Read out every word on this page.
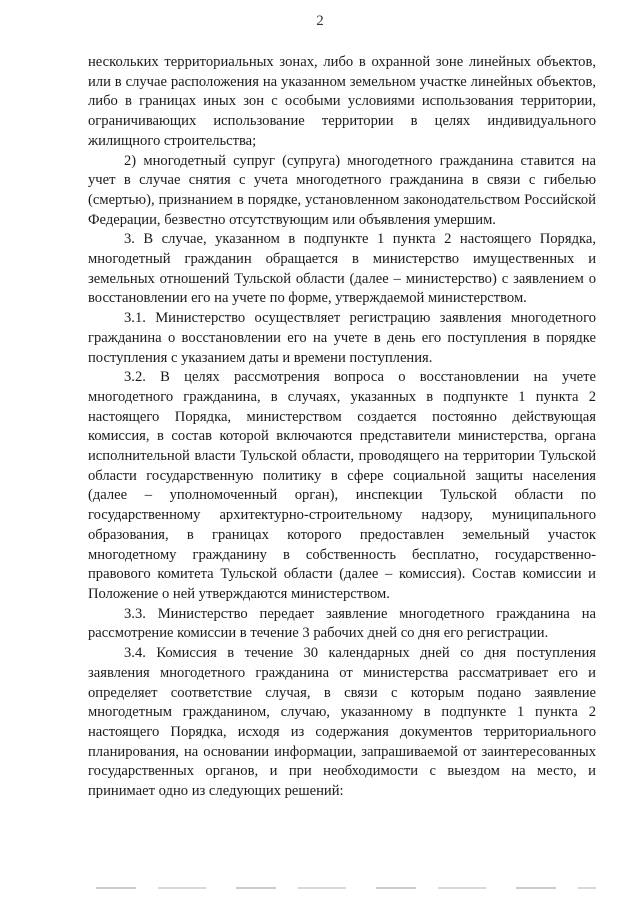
2

нескольких территориальных зонах, либо в охранной зоне линейных объектов, или в случае расположения на указанном земельном участке линейных объектов, либо в границах иных зон с особыми условиями использования территории, ограничивающих использование территории в целях индивидуального жилищного строительства;

2) многодетный супруг (супруга) многодетного гражданина ставится на учет в случае снятия с учета многодетного гражданина в связи с гибелью (смертью), признанием в порядке, установленном законодательством Российской Федерации, безвестно отсутствующим или объявления умершим.

3. В случае, указанном в подпункте 1 пункта 2 настоящего Порядка, многодетный гражданин обращается в министерство имущественных и земельных отношений Тульской области (далее – министерство) с заявлением о восстановлении его на учете по форме, утверждаемой министерством.

3.1. Министерство осуществляет регистрацию заявления многодетного гражданина о восстановлении его на учете в день его поступления в порядке поступления с указанием даты и времени поступления.

3.2. В целях рассмотрения вопроса о восстановлении на учете многодетного гражданина, в случаях, указанных в подпункте 1 пункта 2 настоящего Порядка, министерством создается постоянно действующая комиссия, в состав которой включаются представители министерства, органа исполнительной власти Тульской области, проводящего на территории Тульской области государственную политику в сфере социальной защиты населения (далее – уполномоченный орган), инспекции Тульской области по государственному архитектурно-строительному надзору, муниципального образования, в границах которого предоставлен земельный участок многодетному гражданину в собственность бесплатно, государственно-правового комитета Тульской области (далее – комиссия). Состав комиссии и Положение о ней утверждаются министерством.

3.3. Министерство передает заявление многодетного гражданина на рассмотрение комиссии в течение 3 рабочих дней со дня его регистрации.

3.4. Комиссия в течение 30 календарных дней со дня поступления заявления многодетного гражданина от министерства рассматривает его и определяет соответствие случая, в связи с которым подано заявление многодетным гражданином, случаю, указанному в подпункте 1 пункта 2 настоящего Порядка, исходя из содержания документов территориального планирования, на основании информации, запрашиваемой от заинтересованных государственных органов, и при необходимости с выездом на место, и принимает одно из следующих решений:
